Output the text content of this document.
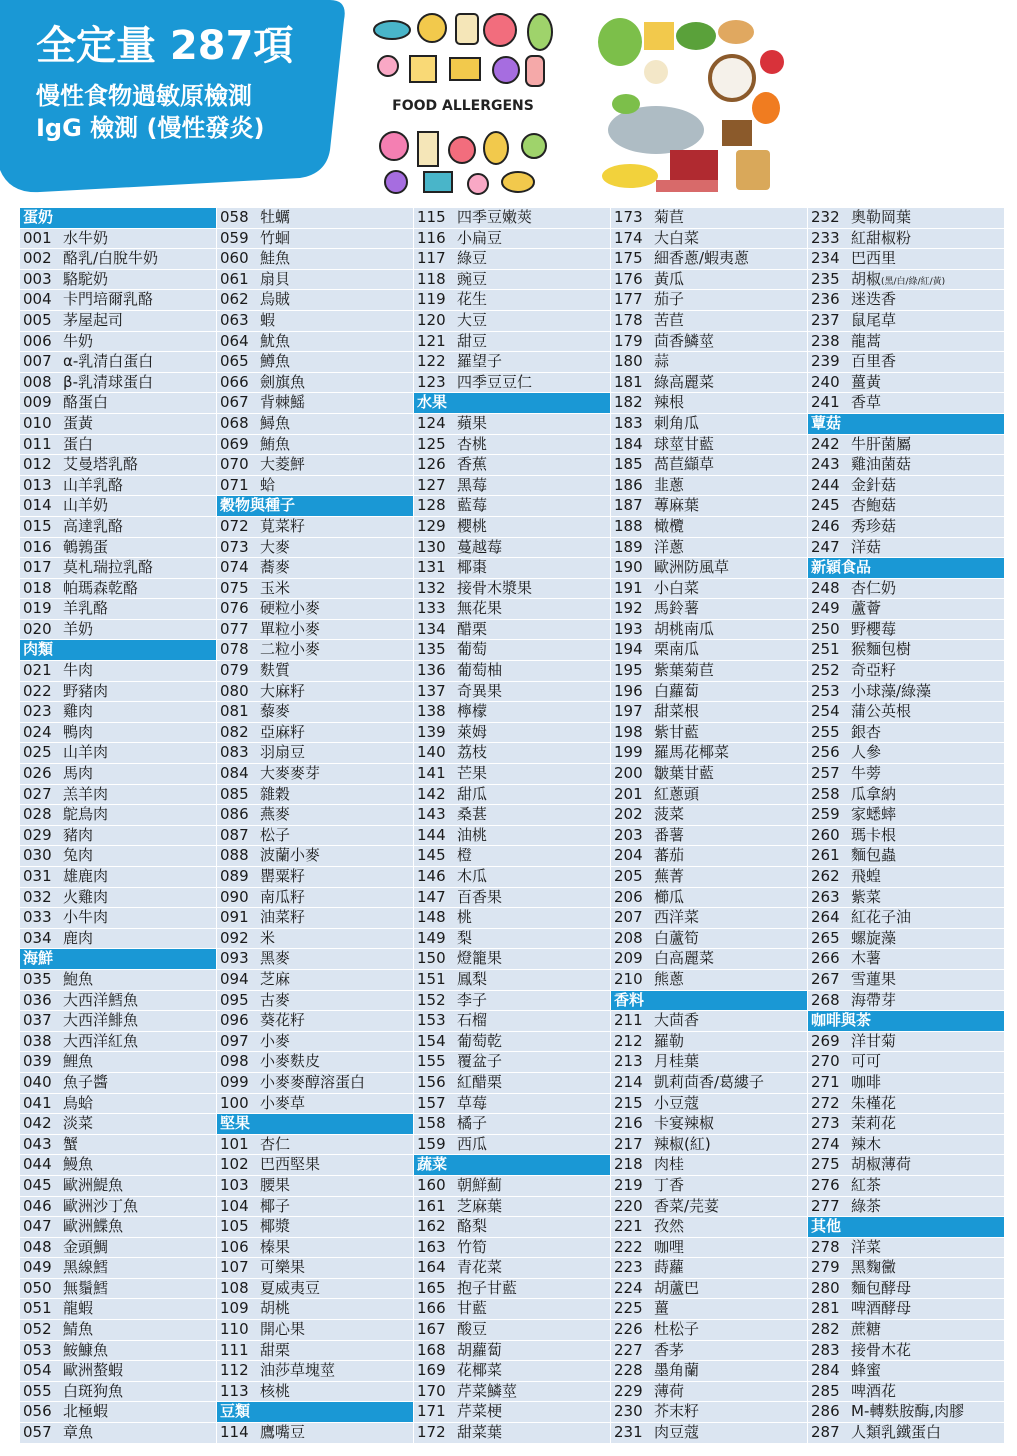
全定量 287項
慢性食物過敏原檢測
IgG 檢測 (慢性發炎)
FOOD ALLERGENS
蛋奶
001 水牛奶
002 酪乳/白脫牛奶
003 駱駝奶
004 卡門培爾乳酪
005 茅屋起司
006 牛奶
007 α-乳清白蛋白
008 β-乳清球蛋白
009 酪蛋白
010 蛋黃
011 蛋白
012 艾曼塔乳酪
013 山羊乳酪
014 山羊奶
015 高達乳酪
016 鵪鶉蛋
017 莫札瑞拉乳酪
018 帕瑪森乾酪
019 羊乳酪
020 羊奶
肉類
021 牛肉
022 野豬肉
023 雞肉
024 鴨肉
025 山羊肉
026 馬肉
027 羔羊肉
028 鴕鳥肉
029 豬肉
030 兔肉
031 雄鹿肉
032 火雞肉
033 小牛肉
034 鹿肉
海鮮
035 鮑魚
036 大西洋鱈魚
037 大西洋鯡魚
038 大西洋紅魚
039 鯉魚
040 魚子醬
041 鳥蛤
042 淡菜
043 蟹
044 鰻魚
045 歐洲鯷魚
046 歐洲沙丁魚
047 歐洲鰈魚
048 金頭鯛
049 黑線鱈
050 無鬚鱈
051 龍蝦
052 鯖魚
053 鮟鱇魚
054 歐洲螯蝦
055 白斑狗魚
056 北極蝦
057 章魚
058 牡蠣
059 竹蛔
060 鮭魚
061 扇貝
062 烏賊
063 蝦
064 魷魚
065 鱒魚
066 劍旗魚
067 背棘鰩
068 鱘魚
069 鮪魚
070 大菱鮃
071 蛤
穀物與種子
072 莧菜籽
073 大麥
074 蕎麥
075 玉米
076 硬粒小麥
077 單粒小麥
078 二粒小麥
079 麩質
080 大麻籽
081 藜麥
082 亞麻籽
083 羽扇豆
084 大麥麥芽
085 雜穀
086 燕麥
087 松子
088 波蘭小麥
089 罌粟籽
090 南瓜籽
091 油菜籽
092 米
093 黑麥
094 芝麻
095 古麥
096 葵花籽
097 小麥
098 小麥麩皮
099 小麥麥醇溶蛋白
100 小麥草
堅果
101 杏仁
102 巴西堅果
103 腰果
104 椰子
105 椰漿
106 榛果
107 可樂果
108 夏威夷豆
109 胡桃
110 開心果
111 甜栗
112 油莎草塊莖
113 核桃
豆類
114 鷹嘴豆
115 四季豆嫩莢
116 小扁豆
117 綠豆
118 豌豆
119 花生
120 大豆
121 甜豆
122 羅望子
123 四季豆豆仁
水果
124 蘋果
125 杏桃
126 香蕉
127 黑莓
128 藍莓
129 櫻桃
130 蔓越莓
131 椰棗
132 接骨木漿果
133 無花果
134 醋栗
135 葡萄
136 葡萄柚
137 奇異果
138 檸檬
139 萊姆
140 荔枝
141 芒果
142 甜瓜
143 桑葚
144 油桃
145 橙
146 木瓜
147 百香果
148 桃
149 梨
150 燈籠果
151 鳳梨
152 李子
153 石榴
154 葡萄乾
155 覆盆子
156 紅醋栗
157 草莓
158 橘子
159 西瓜
蔬菜
160 朝鮮薊
161 芝麻葉
162 酪梨
163 竹筍
164 青花菜
165 抱子甘藍
166 甘藍
167 酸豆
168 胡蘿蔔
169 花椰菜
170 芹菜鱗莖
171 芹菜梗
172 甜菜葉
173 菊苣
174 大白菜
175 細香蔥/蝦夷蔥
176 黃瓜
177 茄子
178 苦苣
179 茴香鱗莖
180 蒜
181 綠高麗菜
182 辣根
183 刺角瓜
184 球莖甘藍
185 萵苣纈草
186 韭蔥
187 蓴麻葉
188 橄欖
189 洋蔥
190 歐洲防風草
191 小白菜
192 馬鈴薯
193 胡桃南瓜
194 栗南瓜
195 紫葉菊苣
196 白蘿蔔
197 甜菜根
198 紫甘藍
199 羅馬花椰菜
200 皺葉甘藍
201 紅蔥頭
202 菠菜
203 番薯
204 蕃茄
205 蕪菁
206 櫛瓜
207 西洋菜
208 白蘆筍
209 白高麗菜
210 熊蔥
香料
211 大茴香
212 羅勒
213 月桂葉
214 凱莉茴香/葛縷子
215 小豆蔻
216 卡宴辣椒
217 辣椒(紅)
218 肉桂
219 丁香
220 香菜/芫荽
221 孜然
222 咖哩
223 蒔蘿
224 胡蘆巴
225 薑
226 杜松子
227 香茅
228 墨角蘭
229 薄荷
230 芥末籽
231 肉豆蔻
232 奧勒岡葉
233 紅甜椒粉
234 巴西里
235 胡椒(黑/白/綠/紅/黃)
236 迷迭香
237 鼠尾草
238 龍蒿
239 百里香
240 薑黃
241 香草
蕈菇
242 牛肝菌屬
243 雞油菌菇
244 金針菇
245 杏鮑菇
246 秀珍菇
247 洋菇
新穎食品
248 杏仁奶
249 蘆薈
250 野櫻莓
251 猴麵包樹
252 奇亞籽
253 小球藻/綠藻
254 蒲公英根
255 銀杏
256 人參
257 牛蒡
258 瓜拿納
259 家蟋蟀
260 瑪卡根
261 麵包蟲
262 飛蝗
263 紫菜
264 紅花子油
265 螺旋藻
266 木薯
267 雪蓮果
268 海帶芽
咖啡與茶
269 洋甘菊
270 可可
271 咖啡
272 朱槿花
273 茉莉花
274 辣木
275 胡椒薄荷
276 紅茶
277 綠茶
其他
278 洋菜
279 黑麴黴
280 麵包酵母
281 啤酒酵母
282 蔗糖
283 接骨木花
284 蜂蜜
285 啤酒花
286 M-轉麩胺酶,肉膠
287 人類乳鐵蛋白
